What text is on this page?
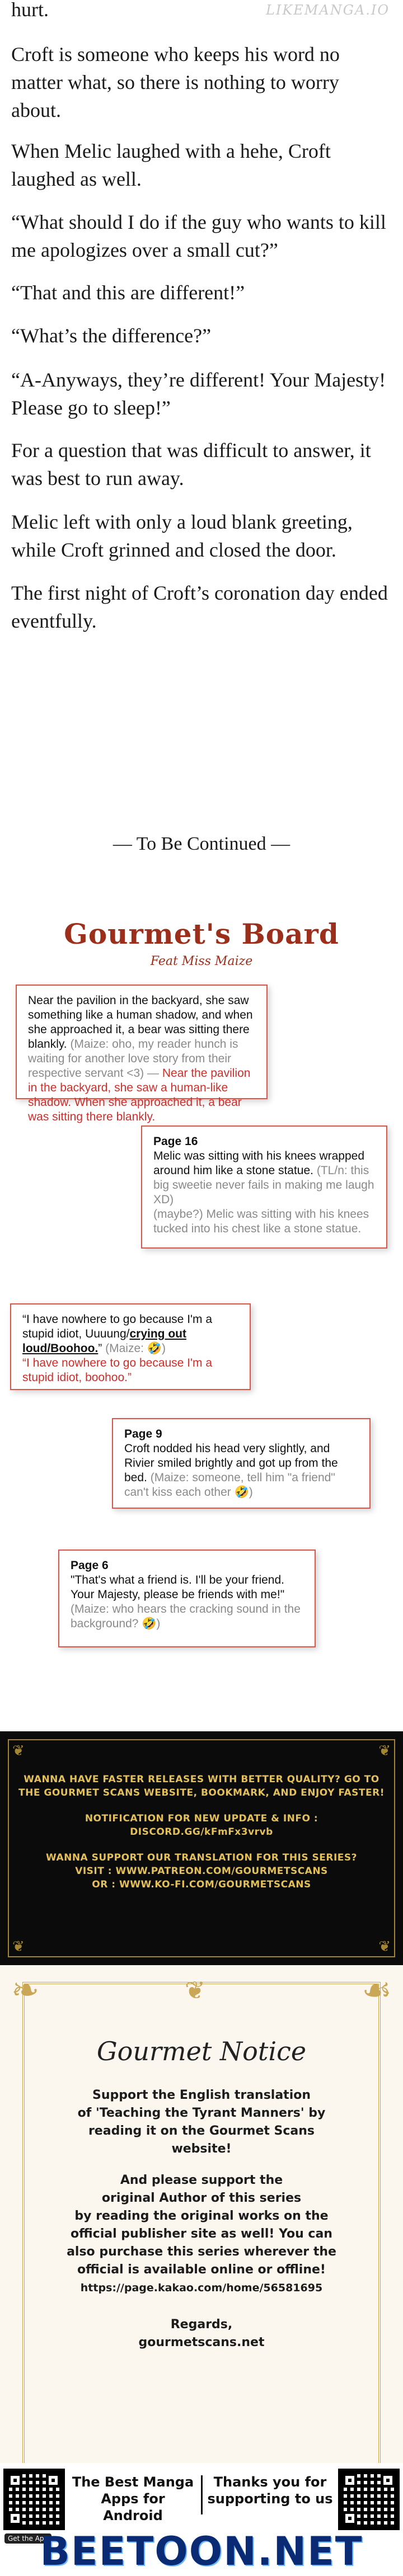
LIKEMANGA.IO
hurt.
Croft is someone who keeps his word no matter what, so there is nothing to worry about.
When Melic laughed with a hehe, Croft laughed as well.
“What should I do if the guy who wants to kill me apologizes over a small cut?”
“That and this are different!”
“What’s the difference?”
“A-Anyways, they’re different! Your Majesty! Please go to sleep!”
For a question that was difficult to answer, it was best to run away.
Melic left with only a loud blank greeting, while Croft grinned and closed the door.
The first night of Croft’s coronation day ended eventfully.
— To Be Continued —
Gourmet's Board
Feat Miss Maize
Near the pavilion in the backyard, she saw something like a human shadow, and when she approached it, a bear was sitting there blankly. (Maize: oho, my reader hunch is waiting for another love story from their respective servant <3) — Near the pavilion in the backyard, she saw a human-like shadow. When she approached it, a bear was sitting there blankly.
Page 16
Melic was sitting with his knees wrapped around him like a stone statue. (TL/n: this big sweetie never fails in making me laugh XD)
(maybe?) Melic was sitting with his knees tucked into his chest like a stone statue.
“I have nowhere to go because I'm a stupid idiot, Uuuung/crying out loud/Boohoo.” (Maize: 🤣)
“I have nowhere to go because I'm a stupid idiot, boohoo.”
Page 9
Croft nodded his head very slightly, and Rivier smiled brightly and got up from the bed. (Maize: someone, tell him "a friend" can't kiss each other 🤣)
Page 6
"That's what a friend is. I'll be your friend. Your Majesty, please be friends with me!"
(Maize: who hears the cracking sound in the background? 🤣)
❦	❦
❦	❦
WANNA HAVE FASTER RELEASES WITH BETTER QUALITY? GO TO
THE GOURMET SCANS WEBSITE, BOOKMARK, AND ENJOY FASTER!
NOTIFICATION FOR NEW UPDATE & INFO :
DISCORD.GG/kFmFx3vrvb
WANNA SUPPORT OUR TRANSLATION FOR THIS SERIES?
VISIT : WWW.PATREON.COM/GOURMETSCANS
OR : WWW.KO-FI.COM/GOURMETSCANS
❧	☙
❦
Gourmet Notice
Support the English translation
of 'Teaching the Tyrant Manners' by
reading it on the Gourmet Scans
website!
And please support the
original Author of this series
by reading the original works on the
official publisher site as well! You can
also purchase this series wherever the
official is available online or offline!
https://page.kakao.com/home/56581695
Regards,
gourmetscans.net
Get the App
The Best Manga Apps for Android
Thanks you for supporting to us
BEETOON.NET
